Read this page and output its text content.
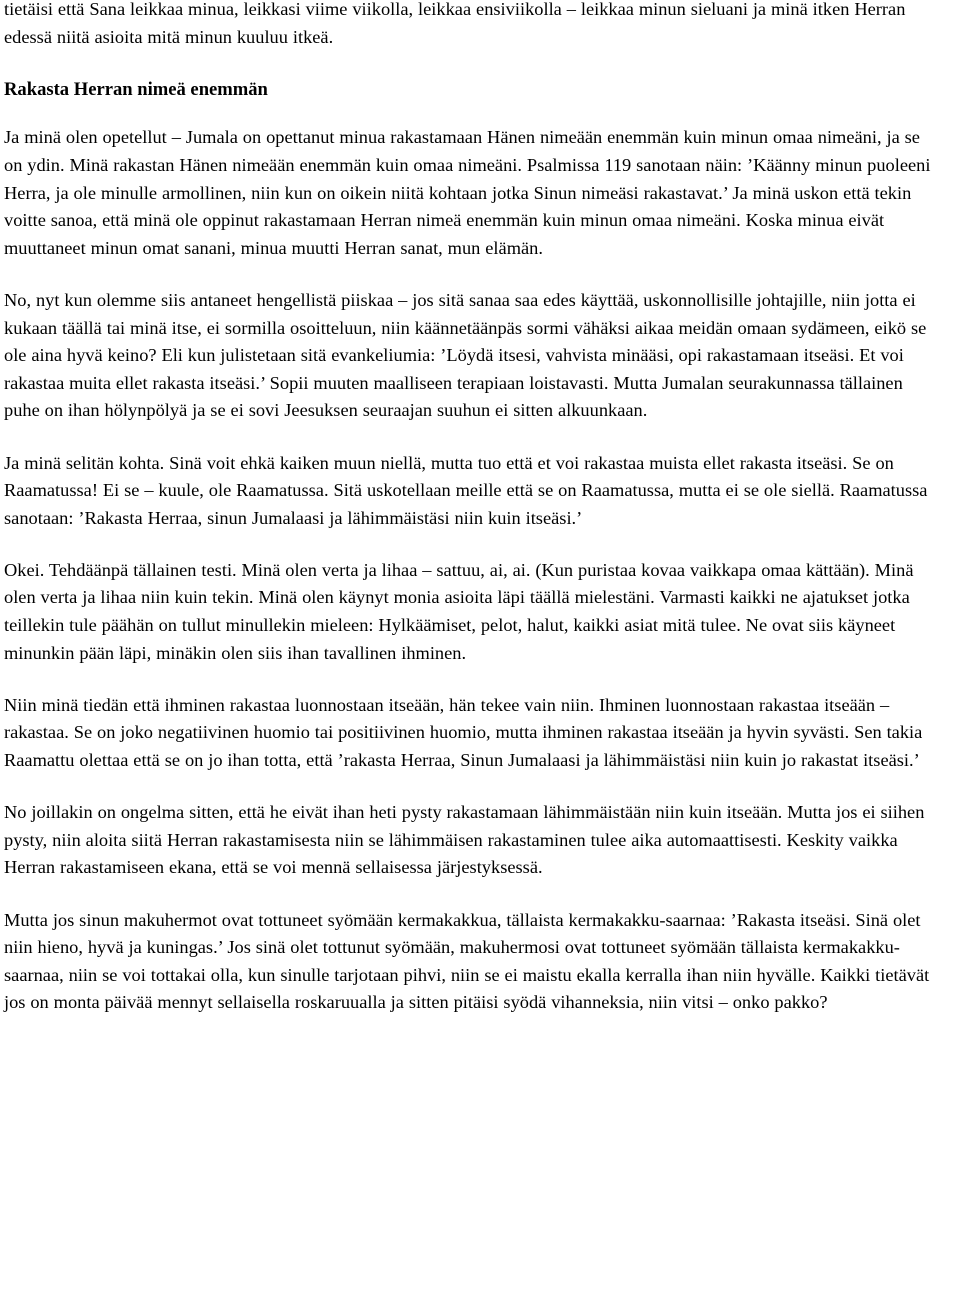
tietäisi että Sana leikkaa minua, leikkasi viime viikolla, leikkaa ensiviikolla – leikkaa minun sieluani ja minä itken Herran edessä niitä asioita mitä minun kuuluu itkeä.

Rakasta Herran nimeä enemmän

Ja minä olen opetellut – Jumala on opettanut minua rakastamaan Hänen nimeään enemmän kuin minun omaa nimeäni, ja se on ydin. Minä rakastan Hänen nimeään enemmän kuin omaa nimeäni. Psalmissa 119 sanotaan näin: ’Käänny minun puoleeni Herra, ja ole minulle armollinen, niin kun on oikein niitä kohtaan jotka Sinun nimeäsi rakastavat.’ Ja minä uskon että tekin voitte sanoa, että minä ole oppinut rakastamaan Herran nimeä enemmän kuin minun omaa nimeäni. Koska minua eivät muuttaneet minun omat sanani, minua muutti Herran sanat, mun elämän.

No, nyt kun olemme siis antaneet hengellistä piiskaa – jos sitä sanaa saa edes käyttää, uskonnollisille johtajille, niin jotta ei kukaan täällä tai minä itse, ei sormilla osoitteluun, niin käännetäänpäs sormi vähäksi aikaa meidän omaan sydämeen, eikö se ole aina hyvä keino? Eli kun julistetaan sitä evankeliumia: ’Löydä itsesi, vahvista minääsi, opi rakastamaan itseäsi. Et voi rakastaa muita ellet rakasta itseäsi.’ Sopii muuten maalliseen terapiaan loistavasti. Mutta Jumalan seurakunnassa tällainen puhe on ihan hölynpölyä ja se ei sovi Jeesuksen seuraajan suuhun ei sitten alkuunkaan.

Ja minä selitän kohta. Sinä voit ehkä kaiken muun niellä, mutta tuo että et voi rakastaa muista ellet rakasta itseäsi. Se on Raamatussa! Ei se – kuule, ole Raamatussa. Sitä uskotellaan meille että se on Raamatussa, mutta ei se ole siellä. Raamatussa sanotaan: ’Rakasta Herraa, sinun Jumalaasi ja lähimmäistäsi niin kuin itseäsi.’

Okei. Tehdäänpä tällainen testi. Minä olen verta ja lihaa – sattuu, ai, ai. (Kun puristaa kovaa vaikkapa omaa kättään). Minä olen verta ja lihaa niin kuin tekin. Minä olen käynyt monia asioita läpi täällä mielestäni. Varmasti kaikki ne ajatukset jotka teillekin tule päähän on tullut minullekin mieleen: Hylkäämiset, pelot, halut, kaikki asiat mitä tulee. Ne ovat siis käyneet minunkin pään läpi, minäkin olen siis ihan tavallinen ihminen.

Niin minä tiedän että ihminen rakastaa luonnostaan itseään, hän tekee vain niin. Ihminen luonnostaan rakastaa itseään – rakastaa. Se on joko negatiivinen huomio tai positiivinen huomio, mutta ihminen rakastaa itseään ja hyvin syvästi. Sen takia Raamattu olettaa että se on jo ihan totta, että ’rakasta Herraa, Sinun Jumalaasi ja lähimmäistäsi niin kuin jo rakastat itseäsi.’

No joillakin on ongelma sitten, että he eivät ihan heti pysty rakastamaan lähimmäistään niin kuin itseään. Mutta jos ei siihen pysty, niin aloita siitä Herran rakastamisesta niin se lähimmäisen rakastaminen tulee aika automaattisesti. Keskity vaikka Herran rakastamiseen ekana, että se voi mennä sellaisessa järjestyksessä.

Mutta jos sinun makuhermot ovat tottuneet syömään kermakakkua, tällaista kermakakku-saarnaa: ’Rakasta itseäsi. Sinä olet niin hieno, hyvä ja kuningas.’ Jos sinä olet tottunut syömään, makuhermosi ovat tottuneet syömään tällaista kermakakku-saarnaa, niin se voi tottakai olla, kun sinulle tarjotaan pihvi, niin se ei maistu ekalla kerralla ihan niin hyvälle. Kaikki tietävät jos on monta päivää mennyt sellaisella roskaruualla ja sitten pitäisi syödä vihanneksia, niin vitsi – onko pakko?
